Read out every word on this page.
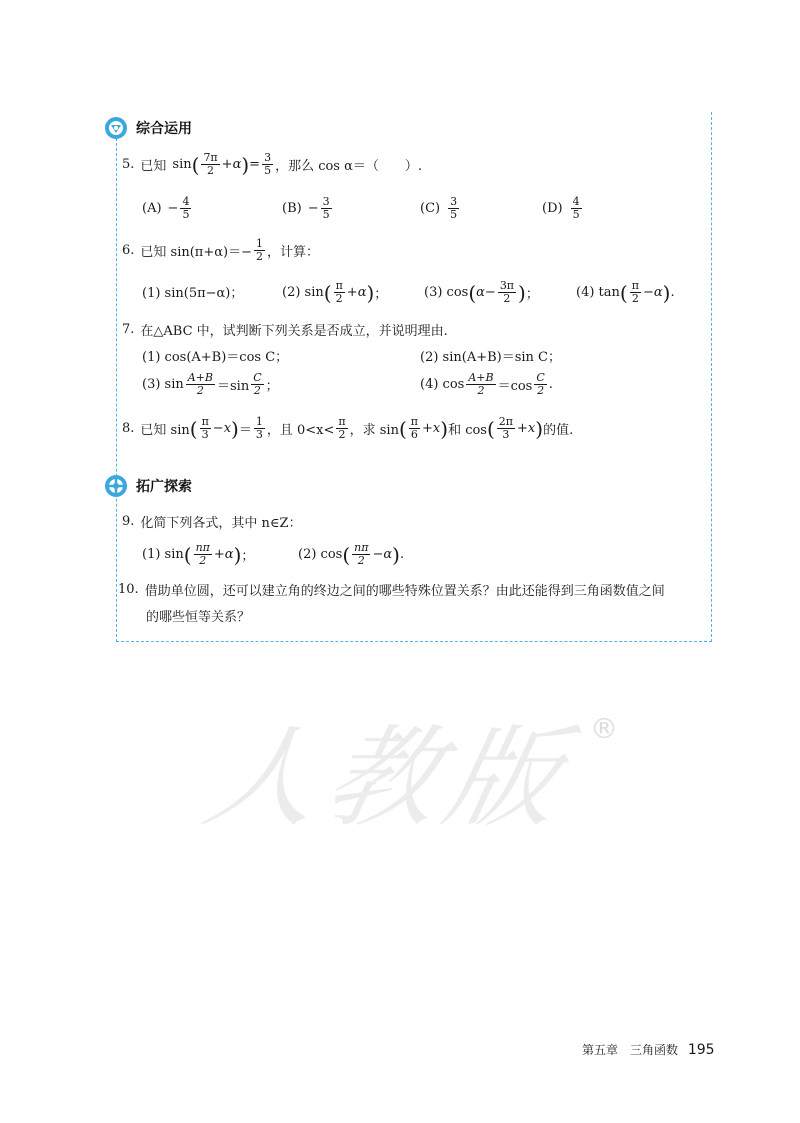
综合运用
5. 已知 sin ( $\frac{7\pi}{2} +\alpha$ ) = $\frac{3}{5}$ ，那么 cos α＝（　　）.
$(A) - \frac{4}{5}$	$(B) - \frac{3}{5}$	$(C) \frac{3}{5}$	$(D) \frac{4}{5}$
6. 已知 $\sin(\pi+\alpha)=- \frac{1}{2}$ ，计算：
(1) sin(5π−α)；	(2) sin ( $\frac{\pi}{2} +\alpha$ ) ；	(3) cos ( $\alpha- \frac{3\pi}{2}$ ) ；	(4) tan ( $\frac{\pi}{2} -\alpha$ ) .
7. 在△ABC 中，试判断下列关系是否成立，并说明理由.
(1) cos(A+B)＝cos C；	(2) sin(A+B)＝sin C；
(3) $\sin \frac{A+B}{2} =\sin \frac{C}{2}$ ；	(4) $\cos \frac{A+B}{2} =\cos \frac{C}{2}$ .
8. 已知 sin ( $\frac{\pi}{3} -x$ ) ＝ $\frac{1}{3}$ ，且 $0<x< \frac{\pi}{2}$ ，求 sin ( $\frac{\pi}{6} +x$ ) 和 cos ( $\frac{2\pi}{3} +x$ ) 的值.
拓广探索
9. 化简下列各式，其中 n∈Z：
(1) sin ( $\frac{n\pi}{2} +\alpha$ ) ；	(2) cos ( $\frac{n\pi}{2} -\alpha$ ) .
10. 借助单位圆，还可以建立角的终边之间的哪些特殊位置关系？由此还能得到三角函数值之间
的哪些恒等关系？
人教版 ®
第五章　三角函数 195
